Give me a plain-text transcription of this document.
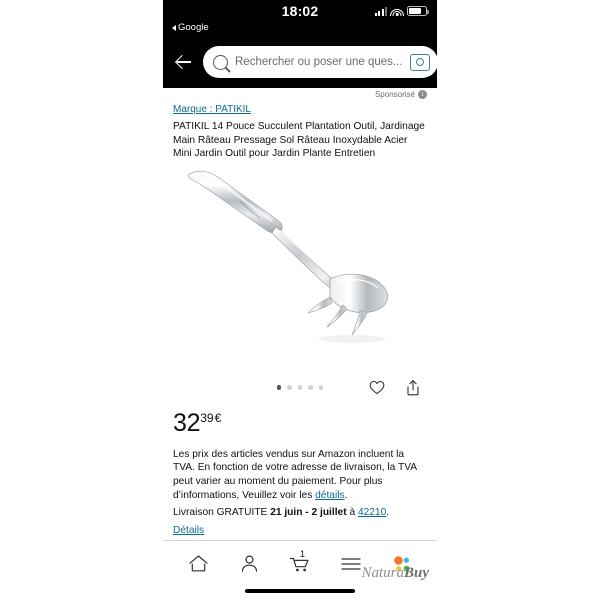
18:02
Google
Rechercher ou poser une ques...
Sponsorisé i
Marque : PATIKIL
PATIKIL 14 Pouce Succulent Plantation Outil, Jardinage Main Râteau Pressage Sol Râteau Inoxydable Acier Mini Jardin Outil pour Jardin Plante Entretien
$32^{39€}$
Les prix des articles vendus sur Amazon incluent la TVA. En fonction de votre adresse de livraison, la TVA peut varier au moment du paiement. Pour plus d’informations, Veuillez voir les détails.
Livraison GRATUITE 21 juin - 2 juillet à 42210.
Détails
1
NaturaBuy
